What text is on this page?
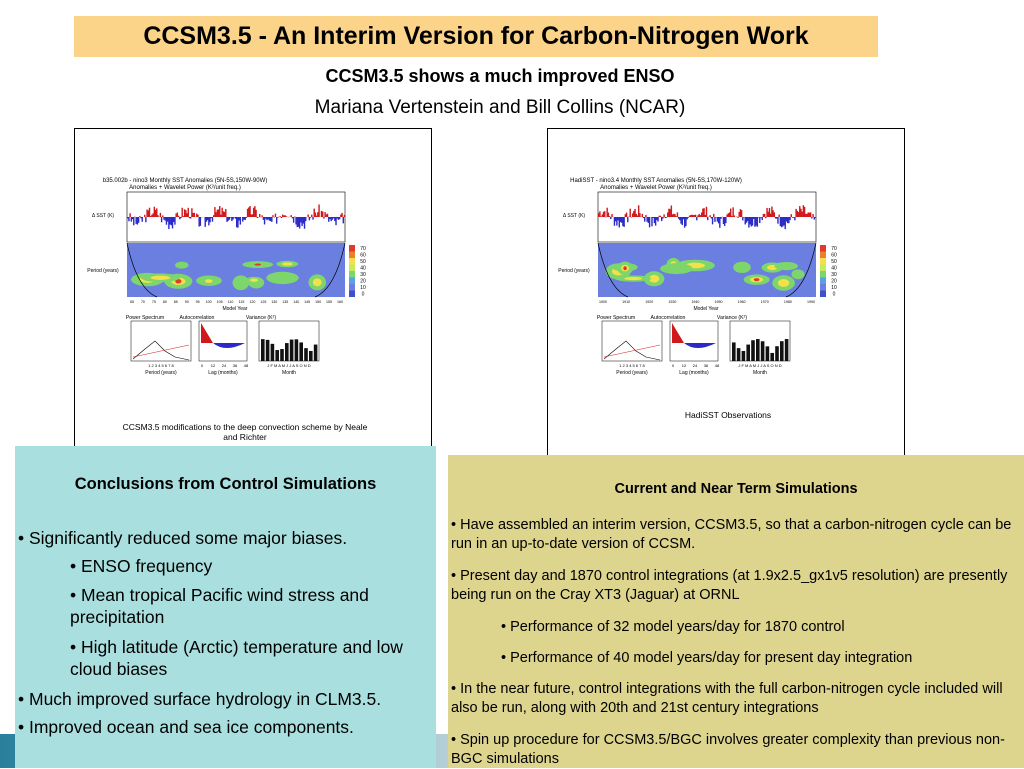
CCSM3.5 - An Interim Version for Carbon-Nitrogen Work
CCSM3.5 shows a much improved ENSO
Mariana Vertenstein and Bill Collins (NCAR)
b35.002b - nino3 Monthly SST Anomalies (5N-5S,150W-90W)
Anomalies + Wavelet Power (K²/unit freq.)
Δ SST (K)
Period (years)
65 70 75 80 85 90 95 100 105 110 115 120 125 130 135 140 145 150 155 160
Model Year
70
60
50
40
30
20
10
0
Power Spectrum	Autocorrelation	Variance (K²)
1 2 3 4 5 6 7 8
Period (years)
0 12 24 36 48
Lag (months)
J F M A M J J A S O N D
Month
CCSM3.5 modifications to the deep convection scheme by Neale and Richter
HadiSST - nino3.4 Monthly SST Anomalies (5N-5S,170W-120W)
Anomalies + Wavelet Power (K²/unit freq.)
Δ SST (K)
Period (years)
1900	1910	1920	1930	1940	1950	1960	1970	1980	1990
Model Year
70
60
50
40
30
20
10
0
Power Spectrum	Autocorrelation	Variance (K²)
1 2 3 4 5 6 7 8
Period (years)
0 12 24 36 48
Lag (months)
J F M A M J J A S O N D
Month
HadiSST Observations
Conclusions from Control Simulations
• Significantly reduced some major biases.
• ENSO frequency
• Mean tropical Pacific wind stress and precipitation
• High latitude (Arctic) temperature and low cloud biases
• Much improved surface hydrology in CLM3.5.
• Improved ocean and sea ice components.
Current and Near Term Simulations
• Have assembled an interim version, CCSM3.5, so that a carbon-nitrogen cycle can be run in an up-to-date version of CCSM.
• Present day and 1870 control integrations (at 1.9x2.5_gx1v5 resolution) are presently being run on the Cray XT3 (Jaguar) at ORNL
• Performance of 32 model years/day for 1870 control
• Performance of 40 model years/day for present day integration
• In the near future, control integrations with the full carbon-nitrogen cycle included will also be run, along with 20th and 21st century integrations
• Spin up procedure for CCSM3.5/BGC involves greater complexity than previous non-BGC simulations
